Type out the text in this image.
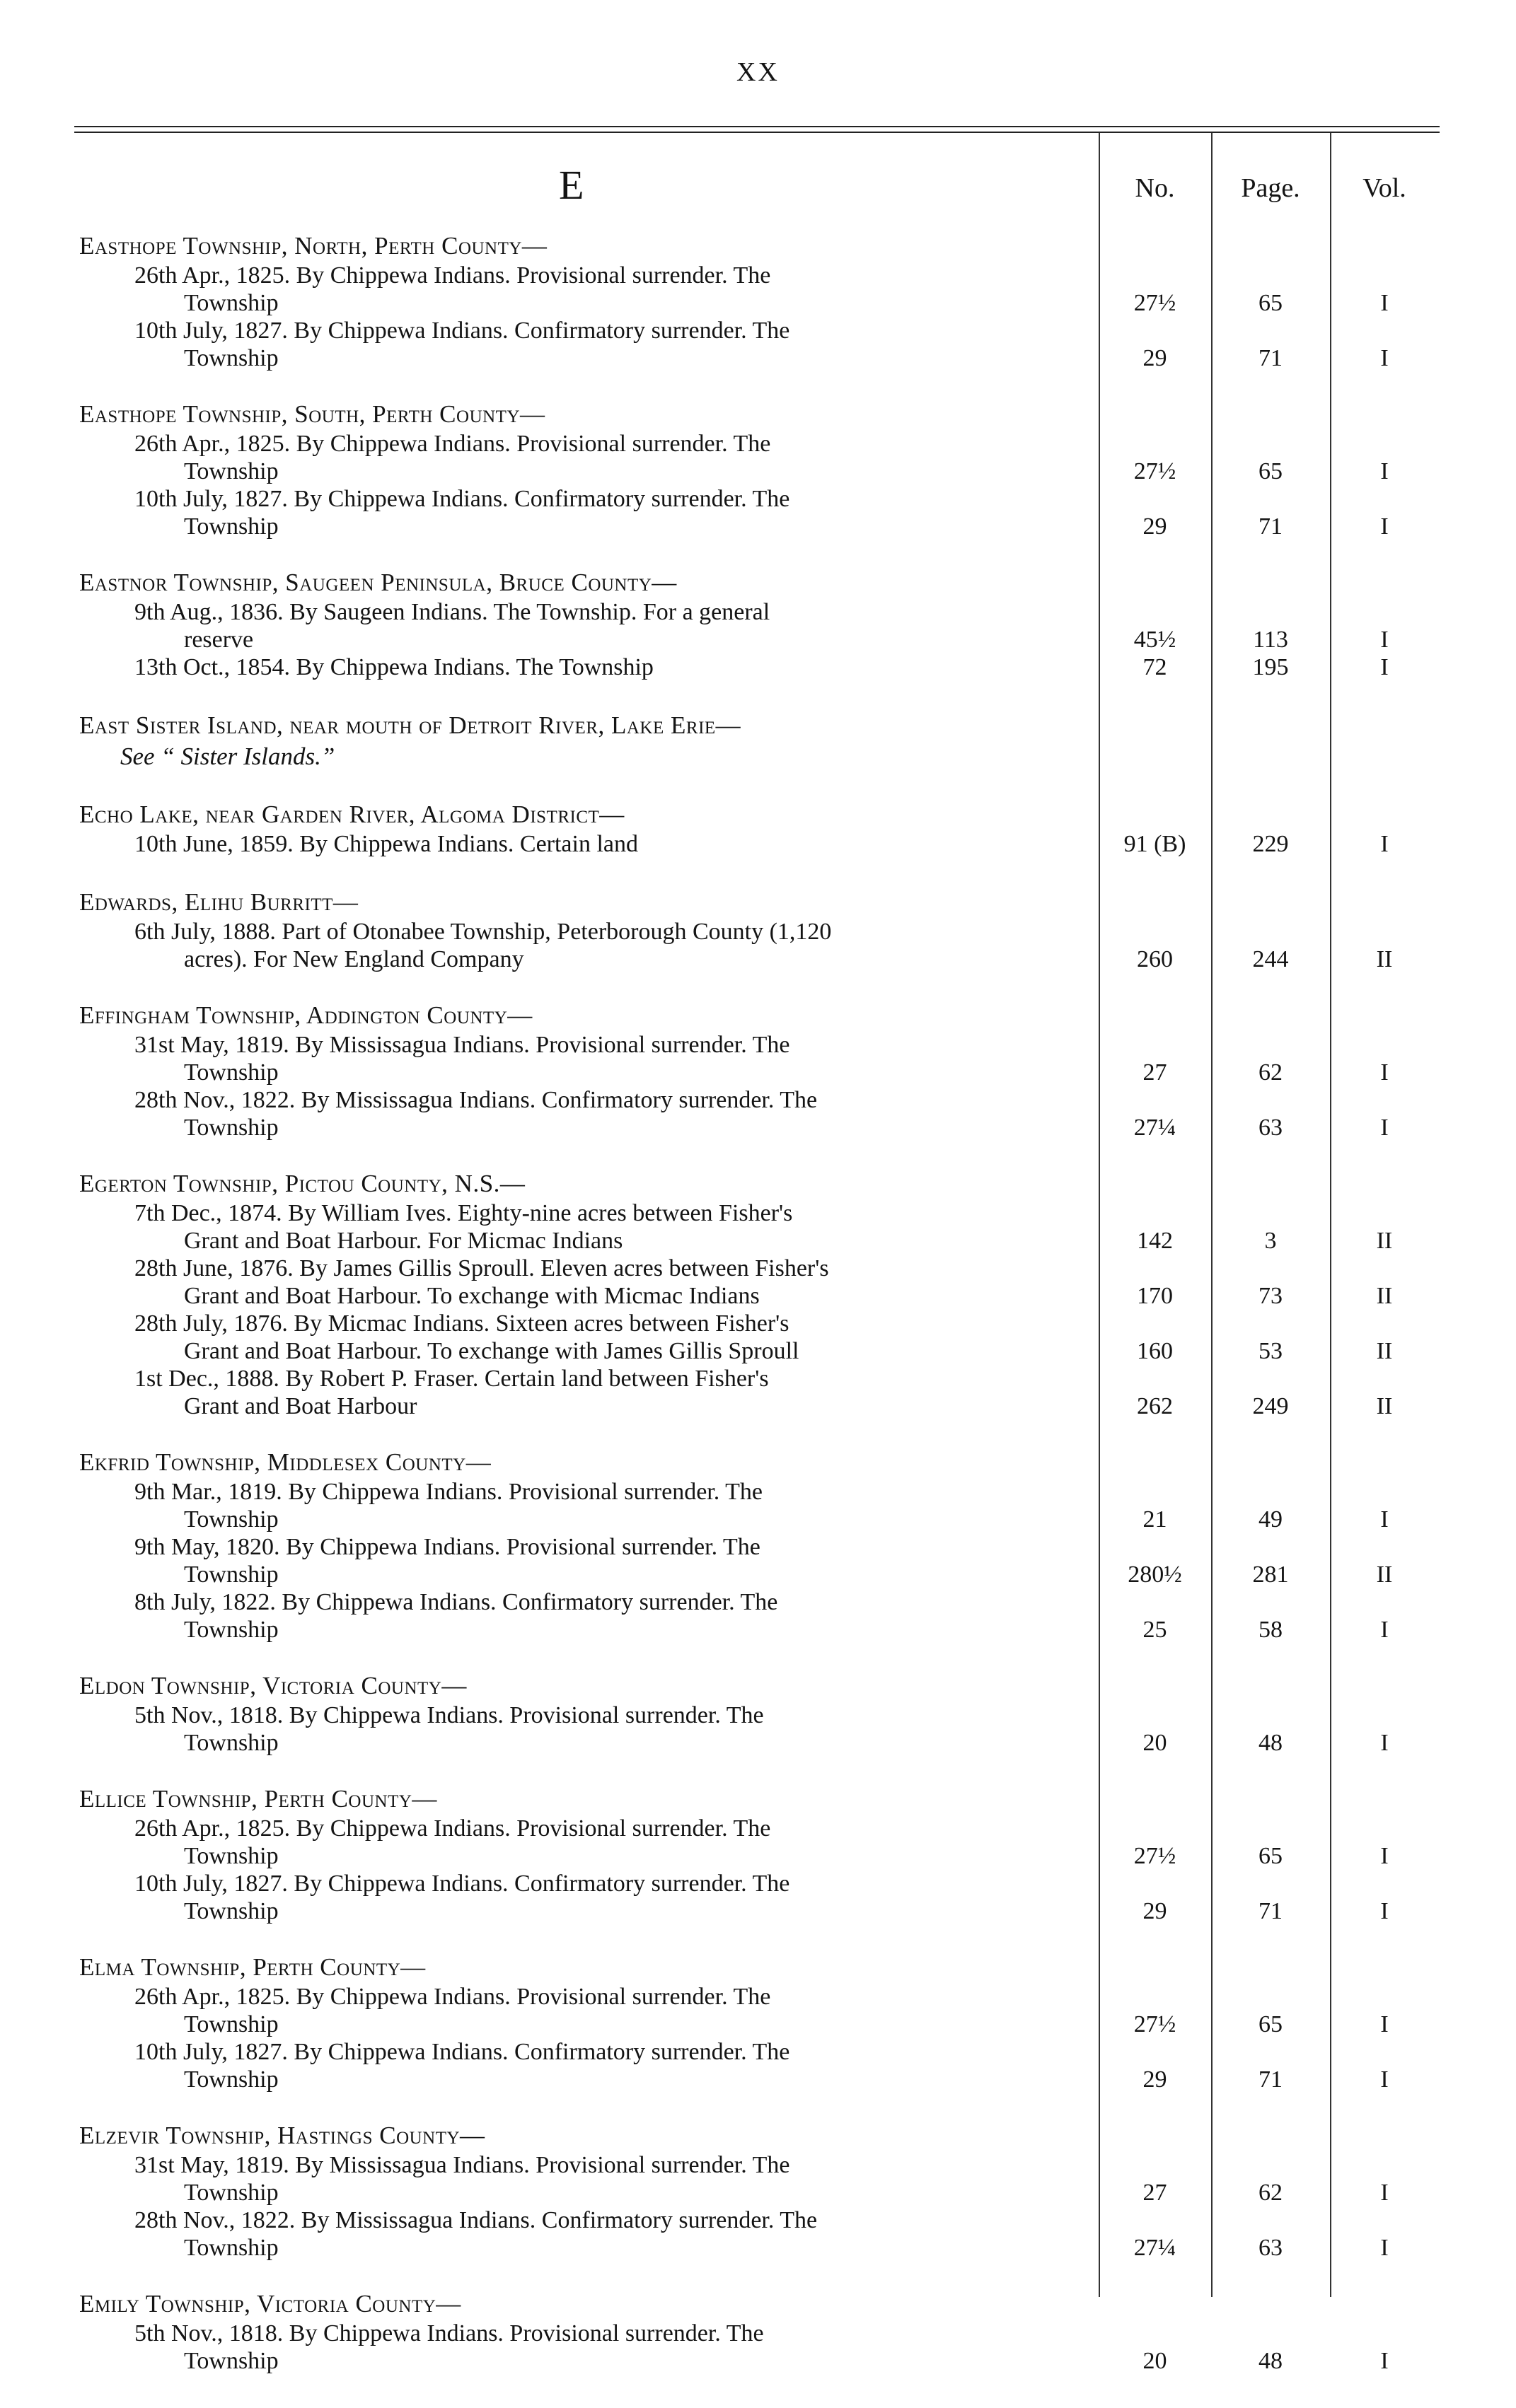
XX
E	No.	Page.	Vol.
Easthope Township, North, Perth County—
26th Apr., 1825. By Chippewa Indians. Provisional surrender. The
Township	27½	65	I
10th July, 1827. By Chippewa Indians. Confirmatory surrender. The
Township	29	71	I
Easthope Township, South, Perth County—
26th Apr., 1825. By Chippewa Indians. Provisional surrender. The
Township	27½	65	I
10th July, 1827. By Chippewa Indians. Confirmatory surrender. The
Township	29	71	I
Eastnor Township, Saugeen Peninsula, Bruce County—
9th Aug., 1836. By Saugeen Indians. The Township. For a general
reserve	45½	113	I
13th Oct., 1854. By Chippewa Indians. The Township	72	195	I
East Sister Island, near mouth of Detroit River, Lake Erie—
See “ Sister Islands.”
Echo Lake, near Garden River, Algoma District—
10th June, 1859. By Chippewa Indians. Certain land	91 (B)	229	I
Edwards, Elihu Burritt—
6th July, 1888. Part of Otonabee Township, Peterborough County (1,120
acres). For New England Company	260	244	II
Effingham Township, Addington County—
31st May, 1819. By Mississagua Indians. Provisional surrender. The
Township	27	62	I
28th Nov., 1822. By Mississagua Indians. Confirmatory surrender. The
Township	27¼	63	I
Egerton Township, Pictou County, N.S.—
7th Dec., 1874. By William Ives. Eighty-nine acres between Fisher's
Grant and Boat Harbour. For Micmac Indians	142	3	II
28th June, 1876. By James Gillis Sproull. Eleven acres between Fisher's
Grant and Boat Harbour. To exchange with Micmac Indians	170	73	II
28th July, 1876. By Micmac Indians. Sixteen acres between Fisher's
Grant and Boat Harbour. To exchange with James Gillis Sproull	160	53	II
1st Dec., 1888. By Robert P. Fraser. Certain land between Fisher's
Grant and Boat Harbour	262	249	II
Ekfrid Township, Middlesex County—
9th Mar., 1819. By Chippewa Indians. Provisional surrender. The
Township	21	49	I
9th May, 1820. By Chippewa Indians. Provisional surrender. The
Township	280½	281	II
8th July, 1822. By Chippewa Indians. Confirmatory surrender. The
Township	25	58	I
Eldon Township, Victoria County—
5th Nov., 1818. By Chippewa Indians. Provisional surrender. The
Township	20	48	I
Ellice Township, Perth County—
26th Apr., 1825. By Chippewa Indians. Provisional surrender. The
Township	27½	65	I
10th July, 1827. By Chippewa Indians. Confirmatory surrender. The
Township	29	71	I
Elma Township, Perth County—
26th Apr., 1825. By Chippewa Indians. Provisional surrender. The
Township	27½	65	I
10th July, 1827. By Chippewa Indians. Confirmatory surrender. The
Township	29	71	I
Elzevir Township, Hastings County—
31st May, 1819. By Mississagua Indians. Provisional surrender. The
Township	27	62	I
28th Nov., 1822. By Mississagua Indians. Confirmatory surrender. The
Township	27¼	63	I
Emily Township, Victoria County—
5th Nov., 1818. By Chippewa Indians. Provisional surrender. The
Township	20	48	I
